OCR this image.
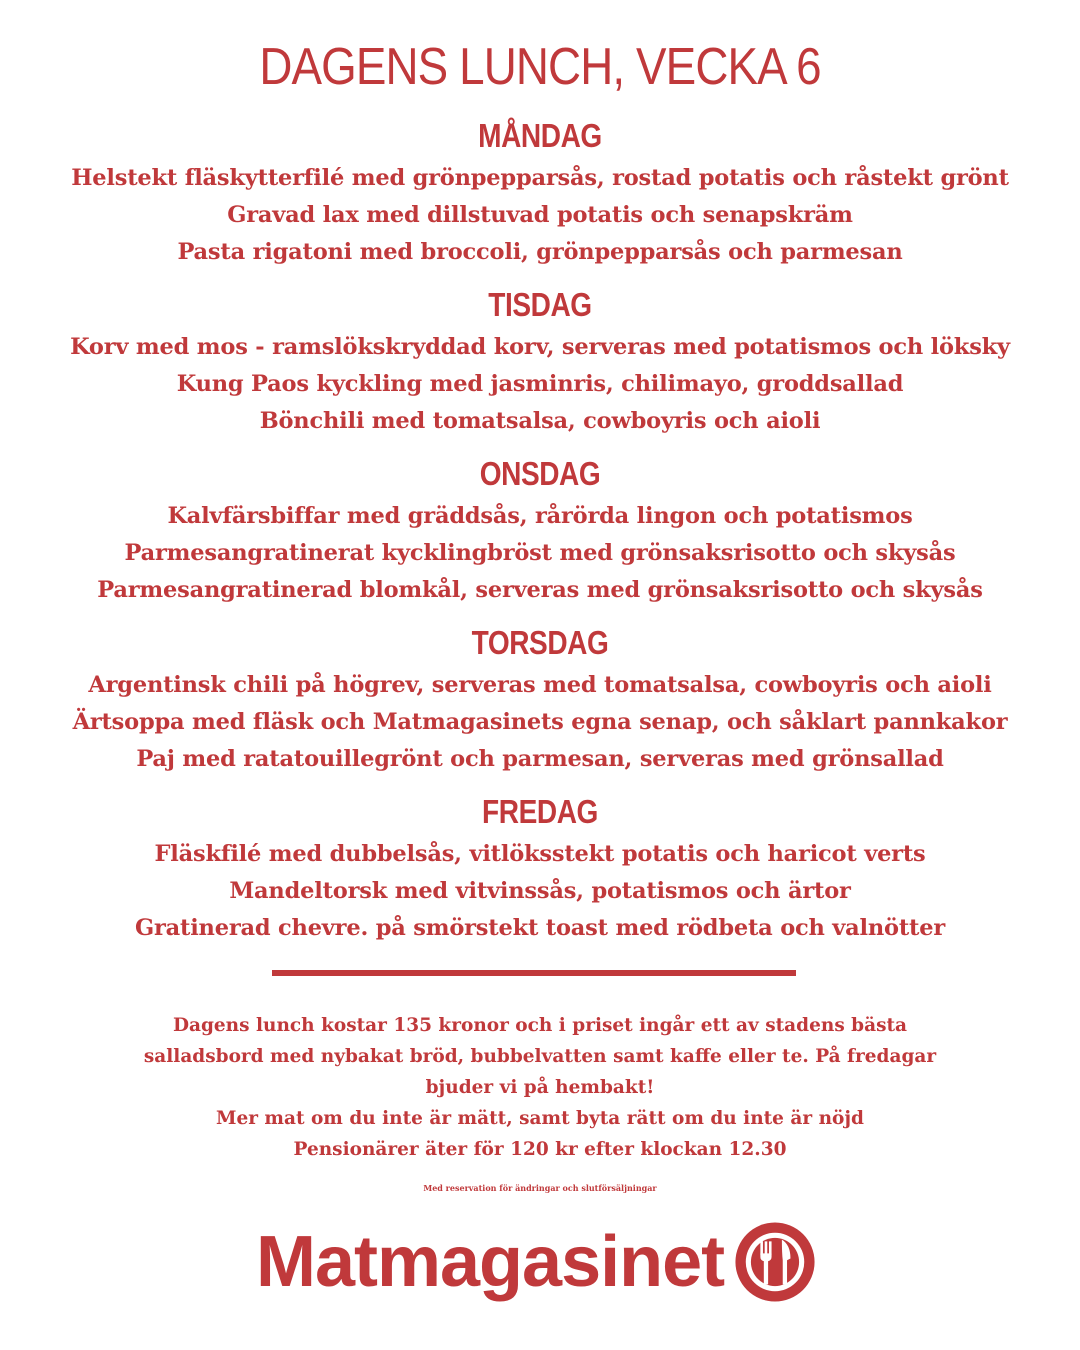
DAGENS LUNCH, VECKA 6
MÅNDAG
Helstekt fläskytterfilé med grönpepparsås, rostad potatis och råstekt grönt
Gravad lax med dillstuvad potatis och senapskräm
Pasta rigatoni med broccoli, grönpepparsås och parmesan
TISDAG
Korv med mos - ramslökskryddad korv, serveras med potatismos och löksky
Kung Paos kyckling med jasminris, chilimayo, groddsallad
Bönchili med tomatsalsa, cowboyris och aioli
ONSDAG
Kalvfärsbiffar med gräddsås, rårörda lingon och potatismos
Parmesangratinerat kycklingbröst med grönsaksrisotto och skysås
Parmesangratinerad blomkål, serveras med grönsaksrisotto och skysås
TORSDAG
Argentinsk chili på högrev, serveras med tomatsalsa, cowboyris och aioli
Ärtsoppa med fläsk och Matmagasinets egna senap, och såklart pannkakor
Paj med ratatouillegrönt och parmesan, serveras med grönsallad
FREDAG
Fläskfilé med dubbelsås, vitlöksstekt potatis och haricot verts
Mandeltorsk med vitvinssås, potatismos och ärtor
Gratinerad chevre. på smörstekt toast med rödbeta och valnötter

Dagens lunch kostar 135 kronor och i priset ingår ett av stadens bästa salladsbord med nybakat bröd, bubbelvatten samt kaffe eller te. På fredagar bjuder vi på hembakt!

Mer mat om du inte är mätt, samt byta rätt om du inte är nöjd

Pensionärer äter för 120 kr efter klockan 12.30

Med reservation för ändringar och slutförsäljningar
Matmagasinet
